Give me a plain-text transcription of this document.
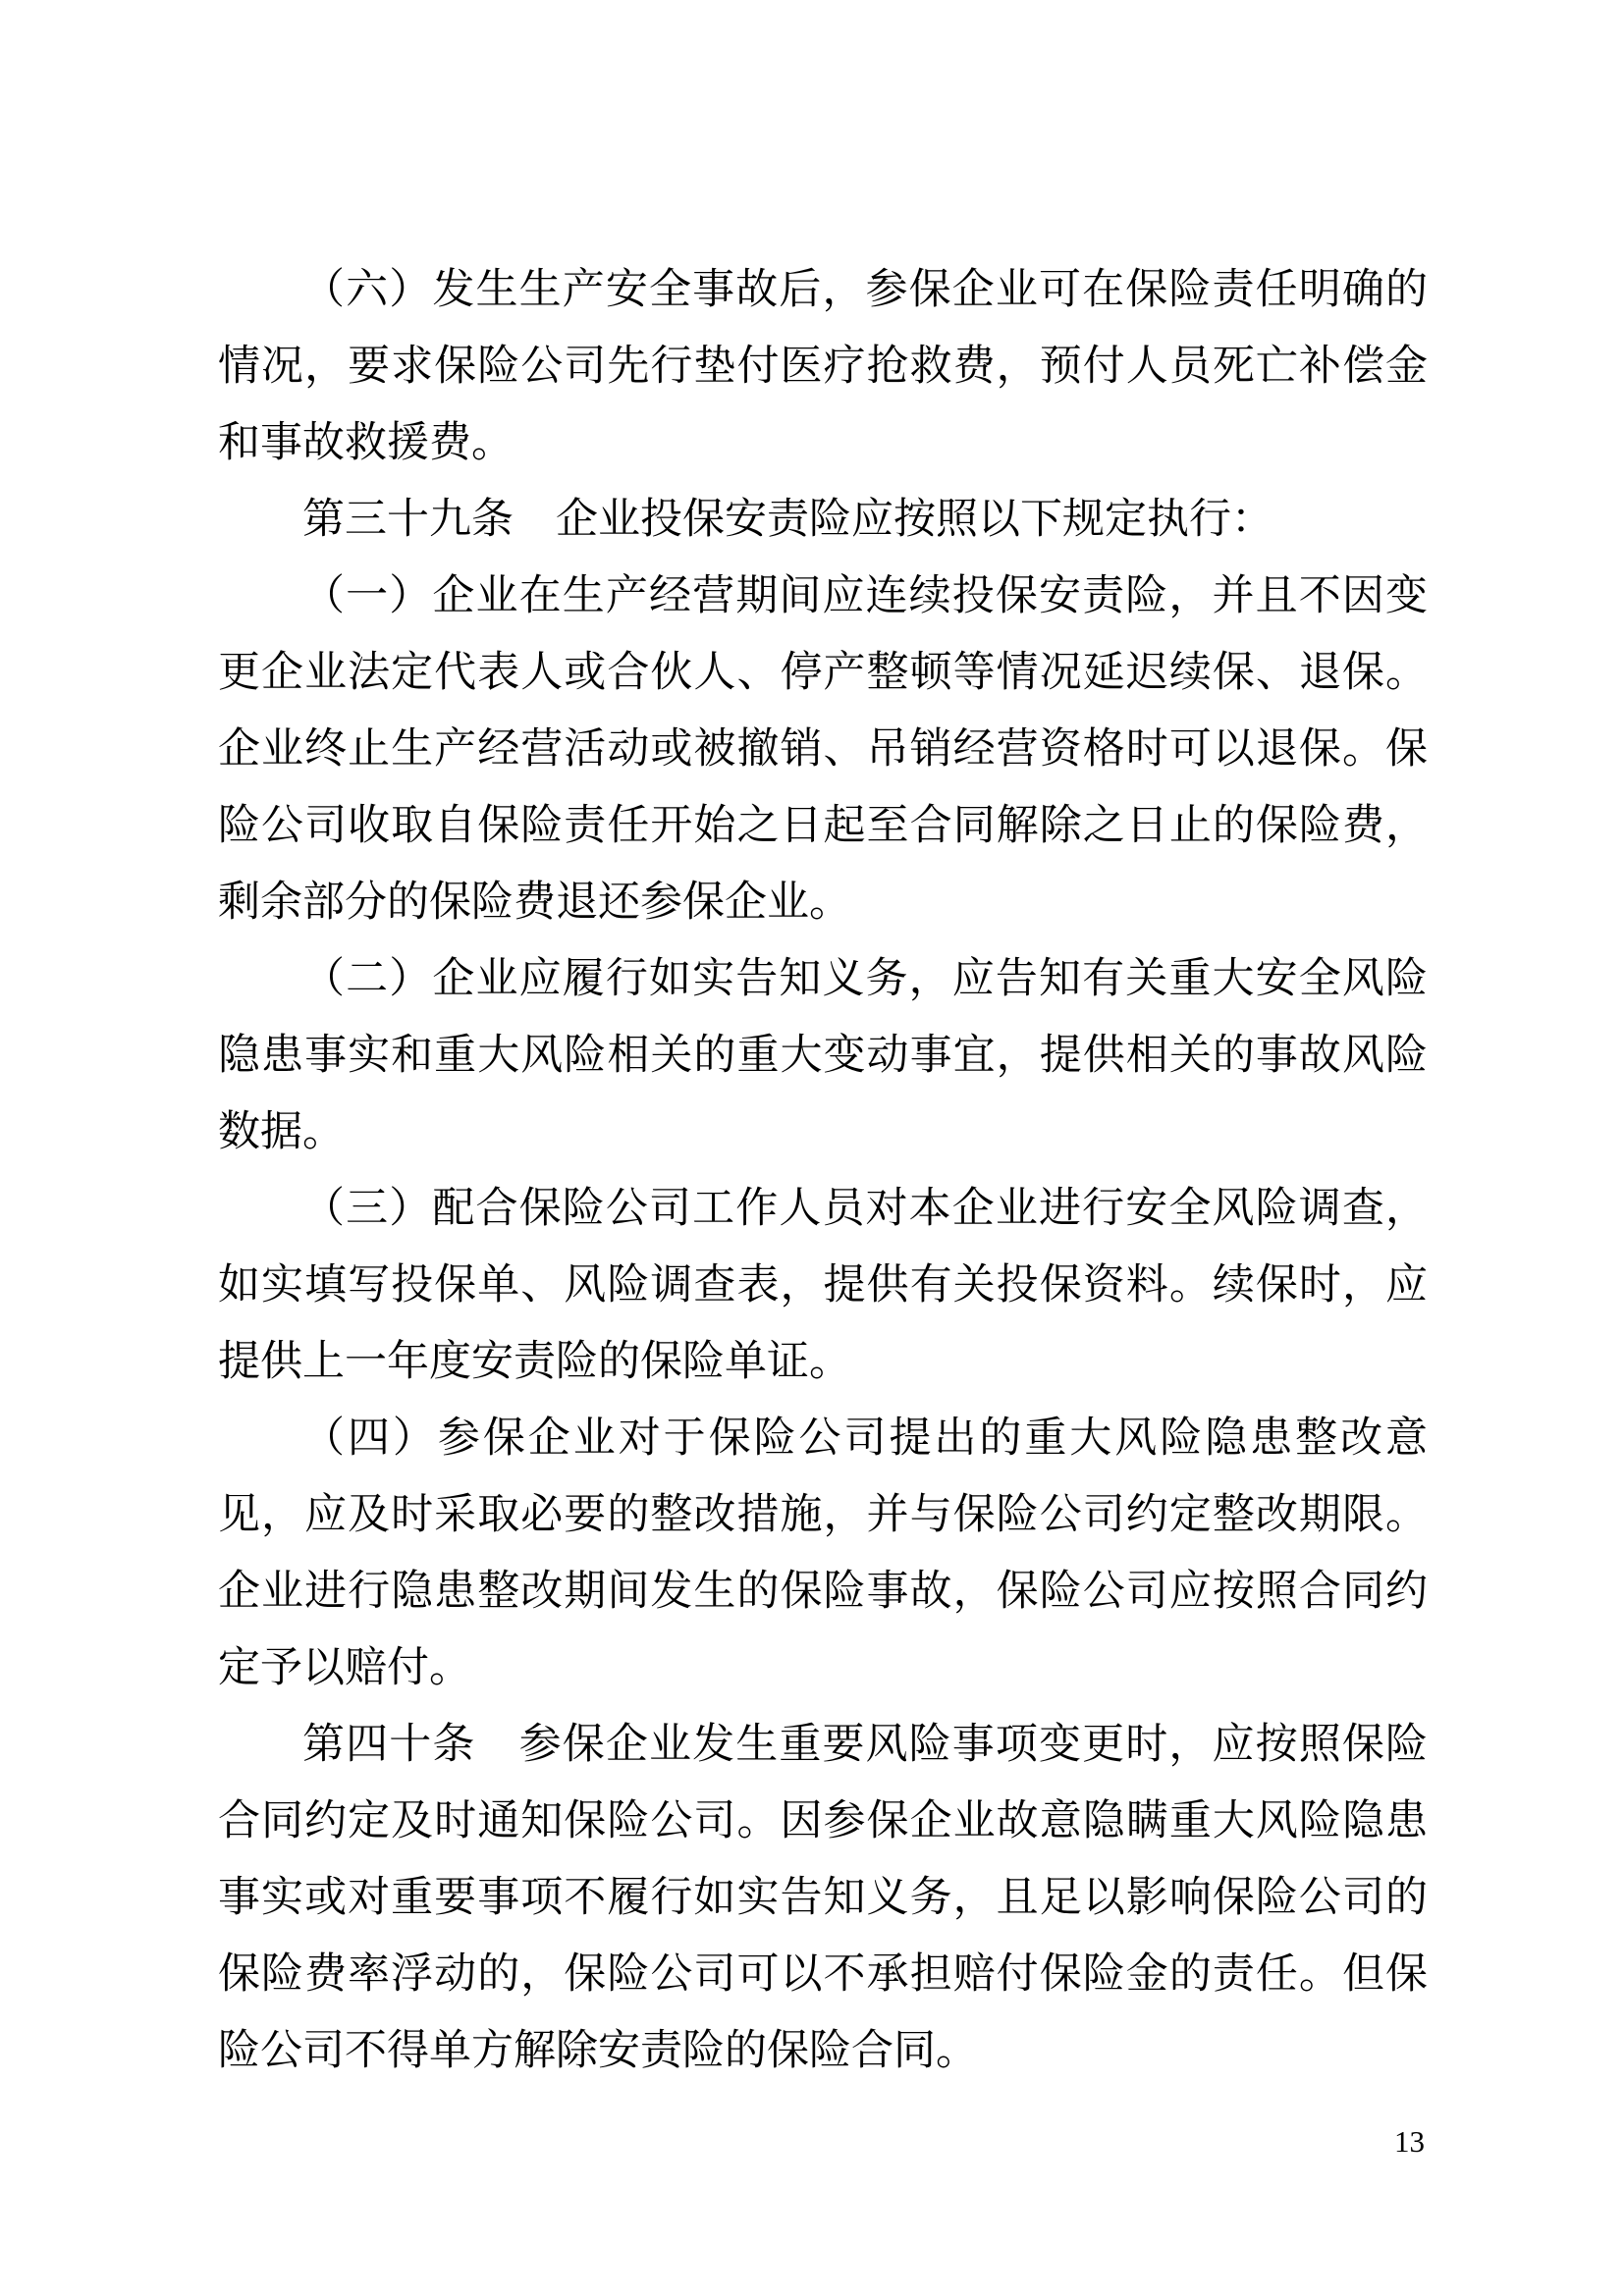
（六）发生生产安全事故后，参保企业可在保险责任明确的
情况，要求保险公司先行垫付医疗抢救费，预付人员死亡补偿金
和事故救援费。
第三十九条　企业投保安责险应按照以下规定执行：
（一）企业在生产经营期间应连续投保安责险，并且不因变
更企业法定代表人或合伙人、停产整顿等情况延迟续保、退保。
企业终止生产经营活动或被撤销、吊销经营资格时可以退保。保
险公司收取自保险责任开始之日起至合同解除之日止的保险费，
剩余部分的保险费退还参保企业。
（二）企业应履行如实告知义务，应告知有关重大安全风险
隐患事实和重大风险相关的重大变动事宜，提供相关的事故风险
数据。
（三）配合保险公司工作人员对本企业进行安全风险调查，
如实填写投保单、风险调查表，提供有关投保资料。续保时，应
提供上一年度安责险的保险单证。
（四）参保企业对于保险公司提出的重大风险隐患整改意
见，应及时采取必要的整改措施，并与保险公司约定整改期限。
企业进行隐患整改期间发生的保险事故，保险公司应按照合同约
定予以赔付。
第四十条　参保企业发生重要风险事项变更时，应按照保险
合同约定及时通知保险公司。因参保企业故意隐瞒重大风险隐患
事实或对重要事项不履行如实告知义务，且足以影响保险公司的
保险费率浮动的，保险公司可以不承担赔付保险金的责任。但保
险公司不得单方解除安责险的保险合同。
13
